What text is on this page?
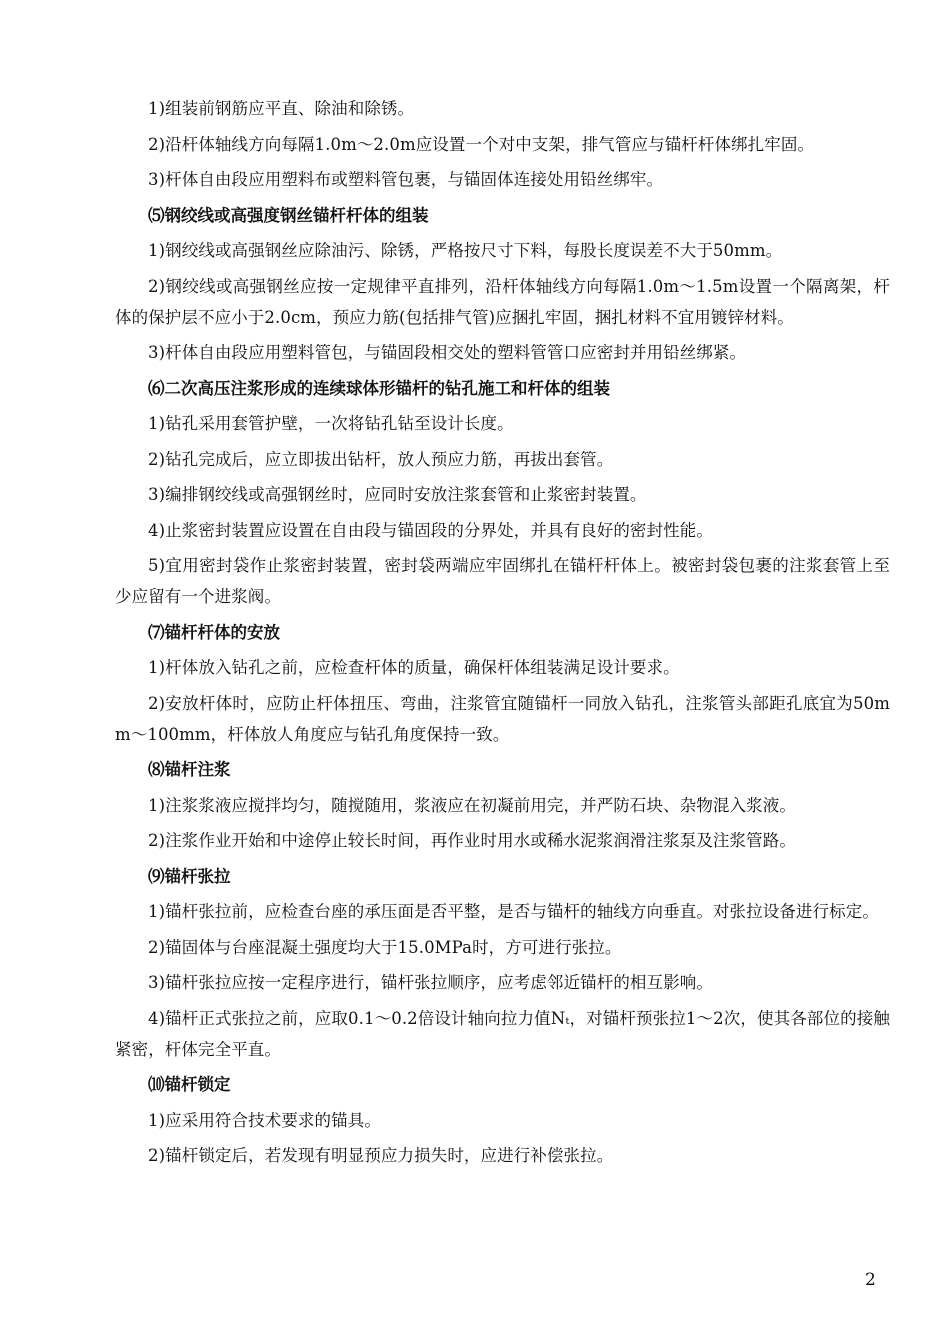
1)组装前钢筋应平直、除油和除锈。

2)沿杆体轴线方向每隔1.0m～2.0m应设置一个对中支架，排气管应与锚杆杆体绑扎牢固。

3)杆体自由段应用塑料布或塑料管包裹，与锚固体连接处用铅丝绑牢。

⑸钢绞线或高强度钢丝锚杆杆体的组装

1)钢绞线或高强钢丝应除油污、除锈，严格按尺寸下料，每股长度误差不大于50mm。

2)钢绞线或高强钢丝应按一定规律平直排列，沿杆体轴线方向每隔1.0m～1.5m设置一个隔离架，杆体的保护层不应小于2.0cm，预应力筋(包括排气管)应捆扎牢固，捆扎材料不宜用镀锌材料。

3)杆体自由段应用塑料管包，与锚固段相交处的塑料管管口应密封并用铅丝绑紧。

⑹二次高压注浆形成的连续球体形锚杆的钻孔施工和杆体的组装

1)钻孔采用套管护壁，一次将钻孔钻至设计长度。

2)钻孔完成后，应立即拔出钻杆，放人预应力筋，再拔出套管。

3)编排钢绞线或高强钢丝时，应同时安放注浆套管和止浆密封装置。

4)止浆密封装置应设置在自由段与锚固段的分界处，并具有良好的密封性能。

5)宜用密封袋作止浆密封装置，密封袋两端应牢固绑扎在锚杆杆体上。被密封袋包裹的注浆套管上至少应留有一个进浆阀。

⑺锚杆杆体的安放

1)杆体放入钻孔之前，应检查杆体的质量，确保杆体组装满足设计要求。

2)安放杆体时，应防止杆体扭压、弯曲，注浆管宜随锚杆一同放入钻孔，注浆管头部距孔底宜为50mm～100mm，杆体放人角度应与钻孔角度保持一致。

⑻锚杆注浆

1)注浆浆液应搅拌均匀，随搅随用，浆液应在初凝前用完，并严防石块、杂物混入浆液。

2)注浆作业开始和中途停止较长时间，再作业时用水或稀水泥浆润滑注浆泵及注浆管路。

⑼锚杆张拉

1)锚杆张拉前，应检查台座的承压面是否平整，是否与锚杆的轴线方向垂直。对张拉设备进行标定。

2)锚固体与台座混凝土强度均大于15.0MPa时，方可进行张拉。

3)锚杆张拉应按一定程序进行，锚杆张拉顺序，应考虑邻近锚杆的相互影响。

4)锚杆正式张拉之前，应取0.1～0.2倍设计轴向拉力值Nₜ，对锚杆预张拉1～2次，使其各部位的接触紧密，杆体完全平直。

⑽锚杆锁定

1)应采用符合技术要求的锚具。

2)锚杆锁定后，若发现有明显预应力损失时，应进行补偿张拉。

2
